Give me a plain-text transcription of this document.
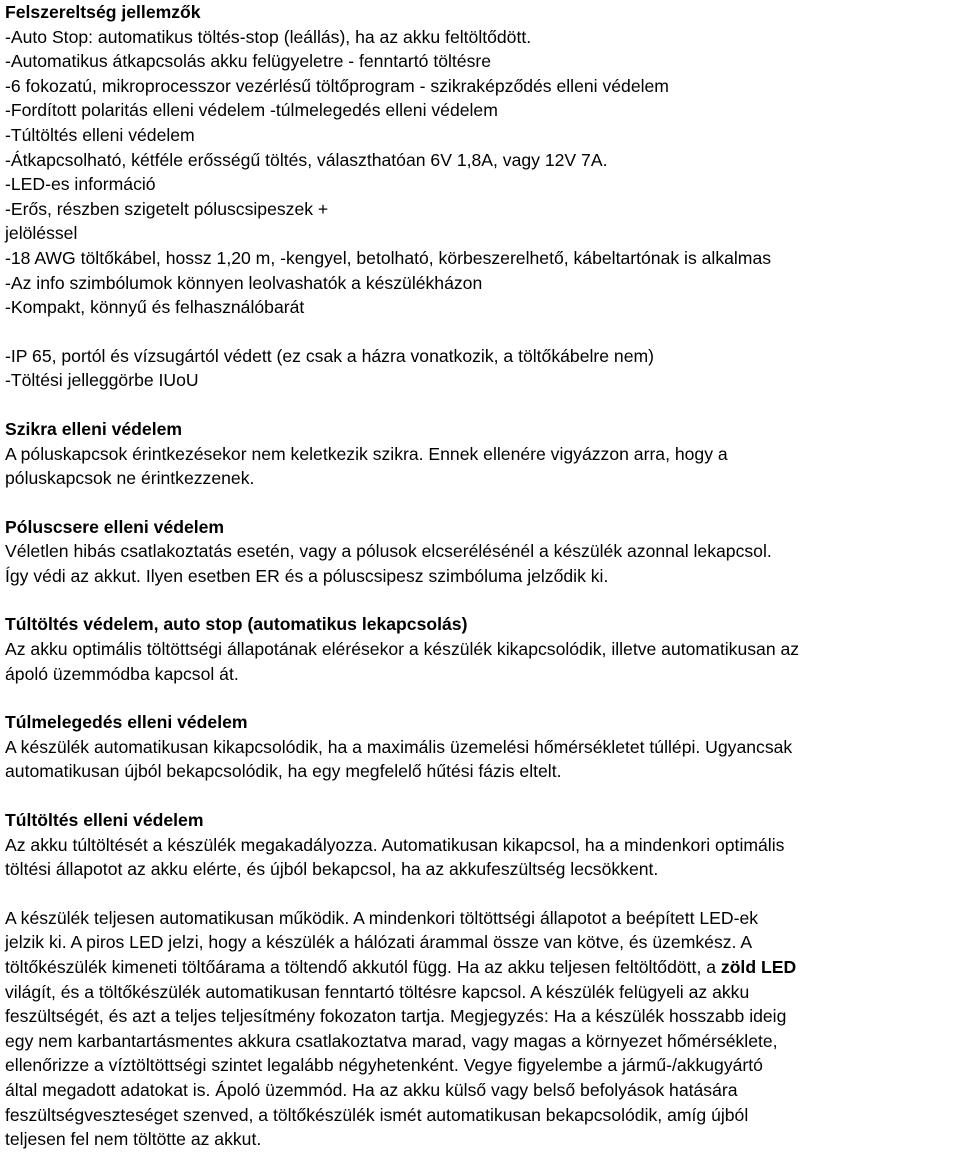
Felszereltség jellemzők
-Auto Stop: automatikus töltés-stop (leállás), ha az akku feltöltődött.
-Automatikus átkapcsolás akku felügyeletre - fenntartó töltésre
-6 fokozatú, mikroprocesszor vezérlésű töltőprogram - szikraképződés elleni védelem
-Fordított polaritás elleni védelem -túlmelegedés elleni védelem
-Túltöltés elleni védelem
-Átkapcsolható, kétféle erősségű töltés, választhatóan 6V 1,8A, vagy 12V 7A.
-LED-es információ
-Erős, részben szigetelt póluscsipeszek +
jelöléssel
-18 AWG töltőkábel, hossz 1,20 m, -kengyel, betolható, körbeszerelhető, kábeltartónak is alkalmas
-Az info szimbólumok könnyen leolvashatók a készülékházon
-Kompakt, könnyű és felhasználóbarát
-IP 65, portól és vízsugártól védett (ez csak a házra vonatkozik, a töltőkábelre nem)
-Töltési jelleggörbe IUoU
Szikra elleni védelem
A póluskapcsok érintkezésekor nem keletkezik szikra. Ennek ellenére vigyázzon arra, hogy a
póluskapcsok ne érintkezzenek.
Póluscsere elleni védelem
Véletlen hibás csatlakoztatás esetén, vagy a pólusok elcserélésénél a készülék azonnal lekapcsol.
Így védi az akkut. Ilyen esetben ER és a póluscsipesz szimbóluma jelződik ki.
Túltöltés védelem, auto stop (automatikus lekapcsolás)
Az akku optimális töltöttségi állapotának elérésekor a készülék kikapcsolódik, illetve automatikusan az
ápoló üzemmódba kapcsol át.
Túlmelegedés elleni védelem
A készülék automatikusan kikapcsolódik, ha a maximális üzemelési hőmérsékletet túllépi. Ugyancsak
automatikusan újból bekapcsolódik, ha egy megfelelő hűtési fázis eltelt.
Túltöltés elleni védelem
Az akku túltöltését a készülék megakadályozza. Automatikusan kikapcsol, ha a mindenkori optimális
töltési állapotot az akku elérte, és újból bekapcsol, ha az akkufeszültség lecsökkent.
A készülék teljesen automatikusan működik. A mindenkori töltöttségi állapotot a beépített LED-ek
jelzik ki. A piros LED jelzi, hogy a készülék a hálózati árammal össze van kötve, és üzemkész. A
töltőkészülék kimeneti töltőárama a töltendő akkutól függ. Ha az akku teljesen feltöltődött, a zöld LED
világít, és a töltőkészülék automatikusan fenntartó töltésre kapcsol. A készülék felügyeli az akku
feszültségét, és azt a teljes teljesítmény fokozaton tartja. Megjegyzés: Ha a készülék hosszabb ideig
egy nem karbantartásmentes akkura csatlakoztatva marad, vagy magas a környezet hőmérséklete,
ellenőrizze a víztöltöttségi szintet legalább négyhetenként. Vegye figyelembe a jármű-/akkugyártó
által megadott adatokat is. Ápoló üzemmód. Ha az akku külső vagy belső befolyások hatására
feszültségveszteséget szenved, a töltőkészülék ismét automatikusan bekapcsolódik, amíg újból
teljesen fel nem töltötte az akkut.
